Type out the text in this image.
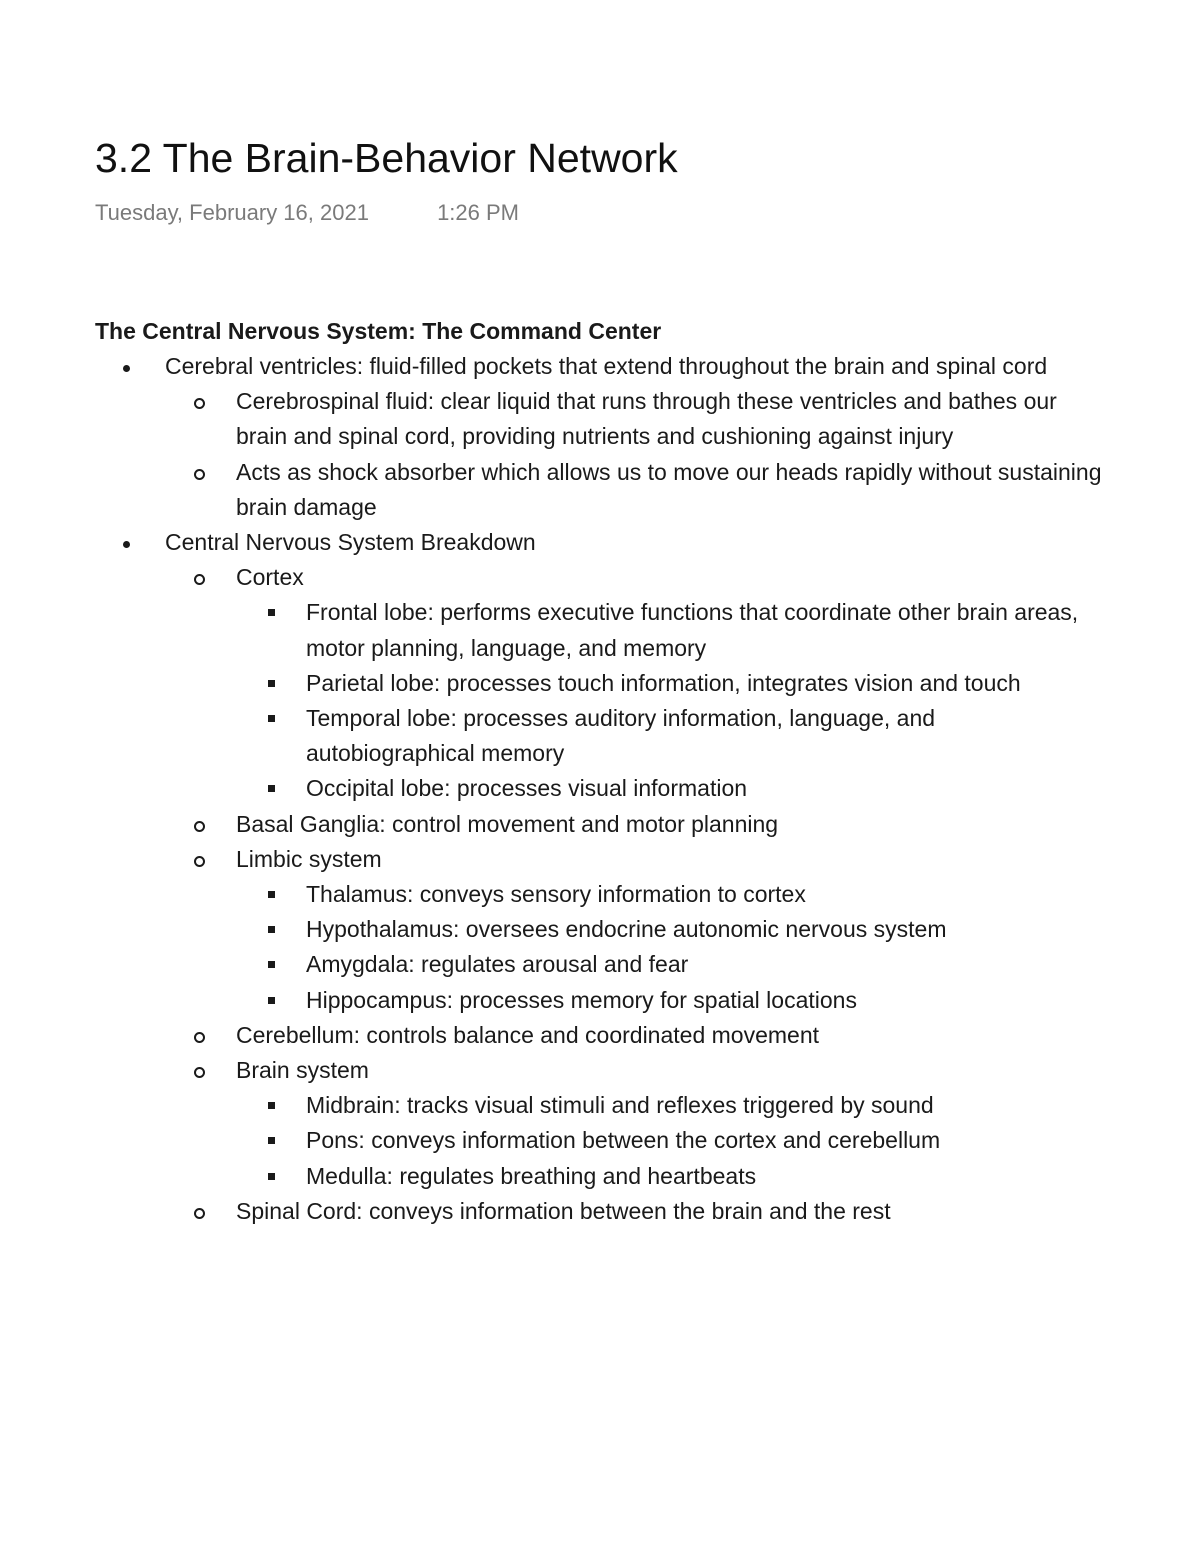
3.2 The Brain-Behavior Network
Tuesday, February 16, 2021	1:26 PM

The Central Nervous System: The Command Center

Cerebral ventricles: fluid-filled pockets that extend throughout the brain and spinal cord
Cerebrospinal fluid: clear liquid that runs through these ventricles and bathes our brain and spinal cord, providing nutrients and cushioning against injury
Acts as shock absorber which allows us to move our heads rapidly without sustaining brain damage
Central Nervous System Breakdown
Cortex
Frontal lobe: performs executive functions that coordinate other brain areas, motor planning, language, and memory
Parietal lobe: processes touch information, integrates vision and touch
Temporal lobe: processes auditory information, language, and autobiographical memory
Occipital lobe: processes visual information
Basal Ganglia: control movement and motor planning
Limbic system
Thalamus: conveys sensory information to cortex
Hypothalamus: oversees endocrine autonomic nervous system
Amygdala: regulates arousal and fear
Hippocampus: processes memory for spatial locations
Cerebellum: controls balance and coordinated movement
Brain system
Midbrain: tracks visual stimuli and reflexes triggered by sound
Pons: conveys information between the cortex and cerebellum
Medulla: regulates breathing and heartbeats
Spinal Cord: conveys information between the brain and the rest
